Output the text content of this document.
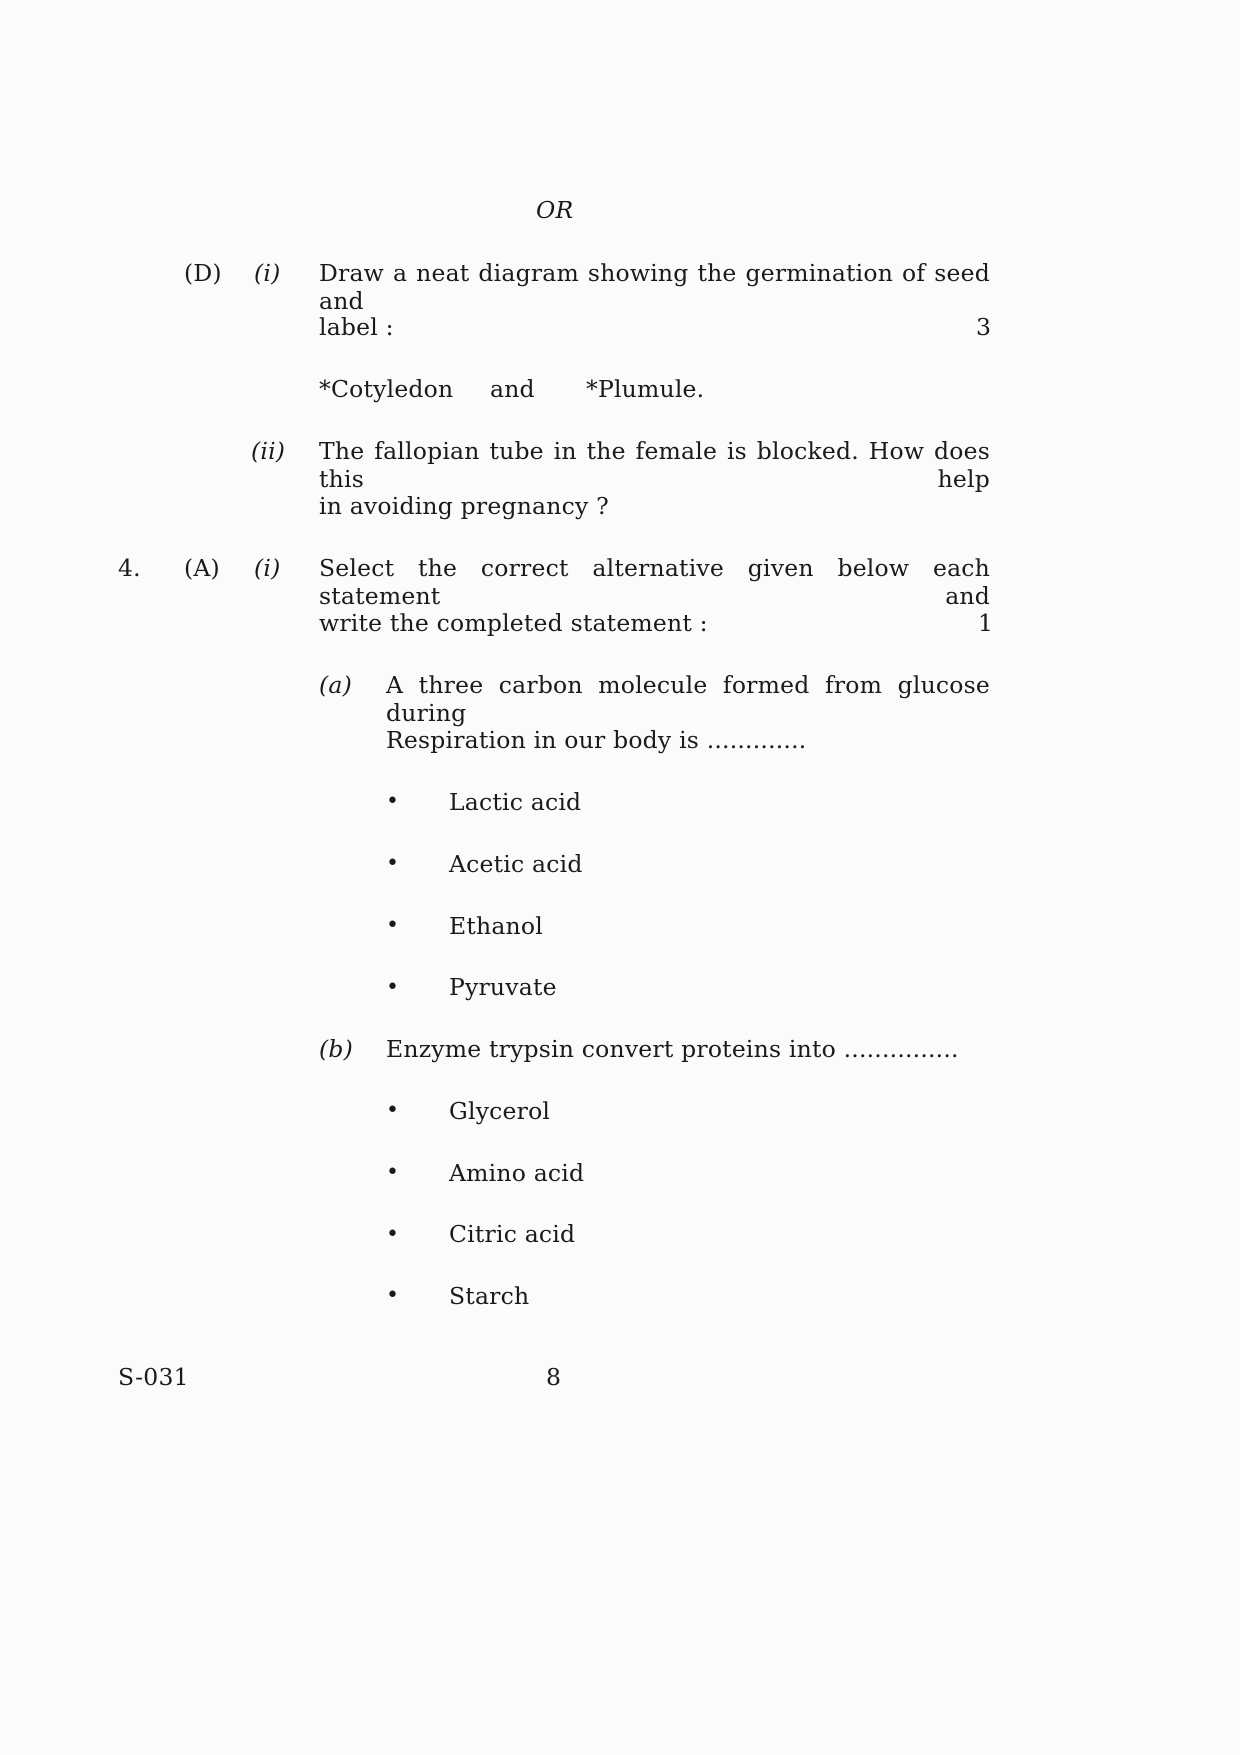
OR
(D) (i) Draw a neat diagram showing the germination of seed and
label :	3
*Cotyledon and *Plumule.
(ii) The fallopian tube in the female is blocked. How does this help
in avoiding pregnancy ?
4. (A) (i) Select the correct alternative given below each statement and
write the completed statement :	1
(a) A three carbon molecule formed from glucose during
Respiration in our body is .............
• Lactic acid
• Acetic acid
• Ethanol
• Pyruvate
(b) Enzyme trypsin convert proteins into ...............
• Glycerol
• Amino acid
• Citric acid
• Starch
S-031	8
